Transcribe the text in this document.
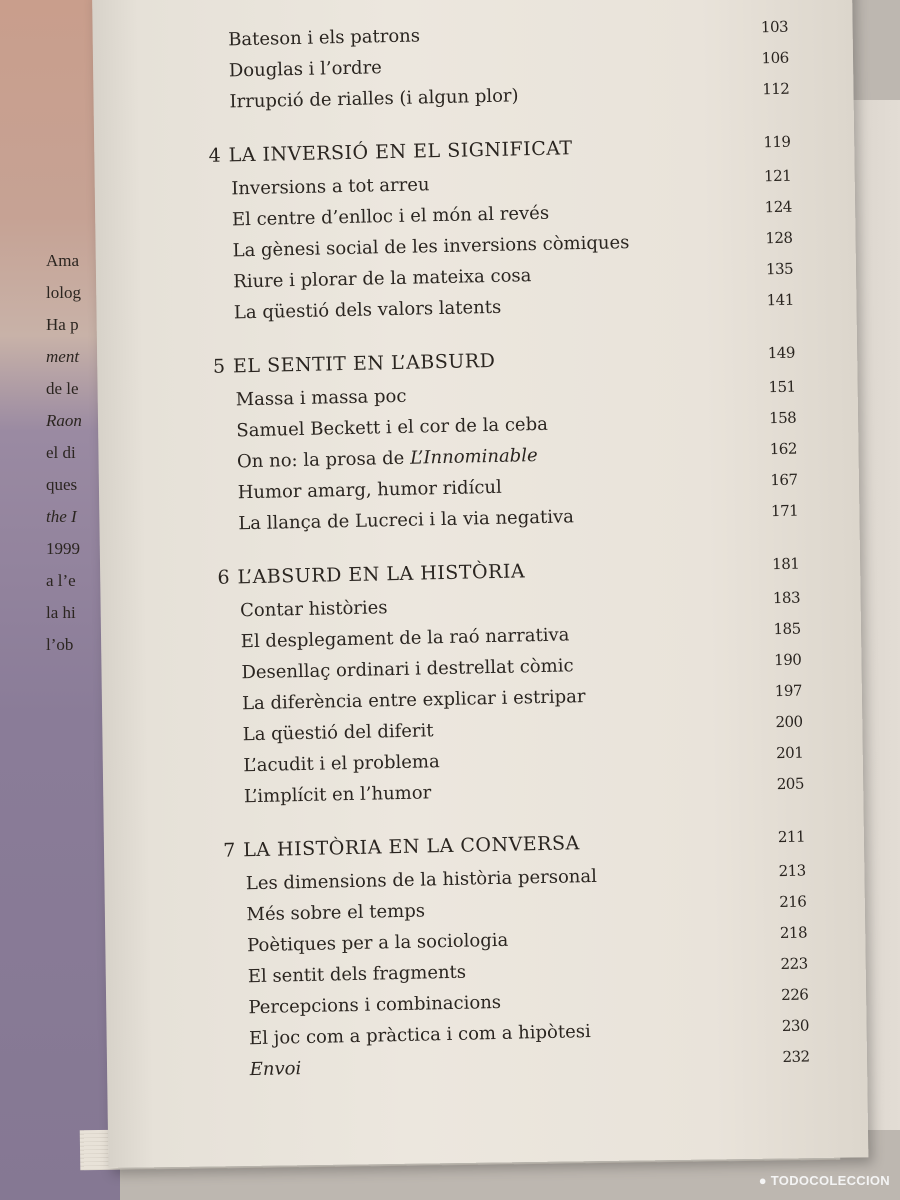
Ama
lolog
Ha p
ment
de le
Raon
el di
ques
the I
1999
a l’e
la hi
l’ob
Bateson i els patrons	103
Douglas i l’ordre	106
Irrupció de rialles (i algun plor)	112
4 LA INVERSIÓ EN EL SIGNIFICAT	119
Inversions a tot arreu	121
El centre d’enlloc i el món al revés	124
La gènesi social de les inversions còmiques	128
Riure i plorar de la mateixa cosa	135
La qüestió dels valors latents	141
5 EL SENTIT EN L’ABSURD	149
Massa i massa poc	151
Samuel Beckett i el cor de la ceba	158
On no: la prosa de L’Innominable	162
Humor amarg, humor ridícul	167
La llança de Lucreci i la via negativa	171
6 L’ABSURD EN LA HISTÒRIA	181
Contar històries	183
El desplegament de la raó narrativa	185
Desenllaç ordinari i destrellat còmic	190
La diferència entre explicar i estripar	197
La qüestió del diferit	200
L’acudit i el problema	201
L’implícit en l’humor	205
7 LA HISTÒRIA EN LA CONVERSA	211
Les dimensions de la història personal	213
Més sobre el temps	216
Poètiques per a la sociologia	218
El sentit dels fragments	223
Percepcions i combinacions	226
El joc com a pràctica i com a hipòtesi	230
Envoi
232
● TODOCOLECCION
